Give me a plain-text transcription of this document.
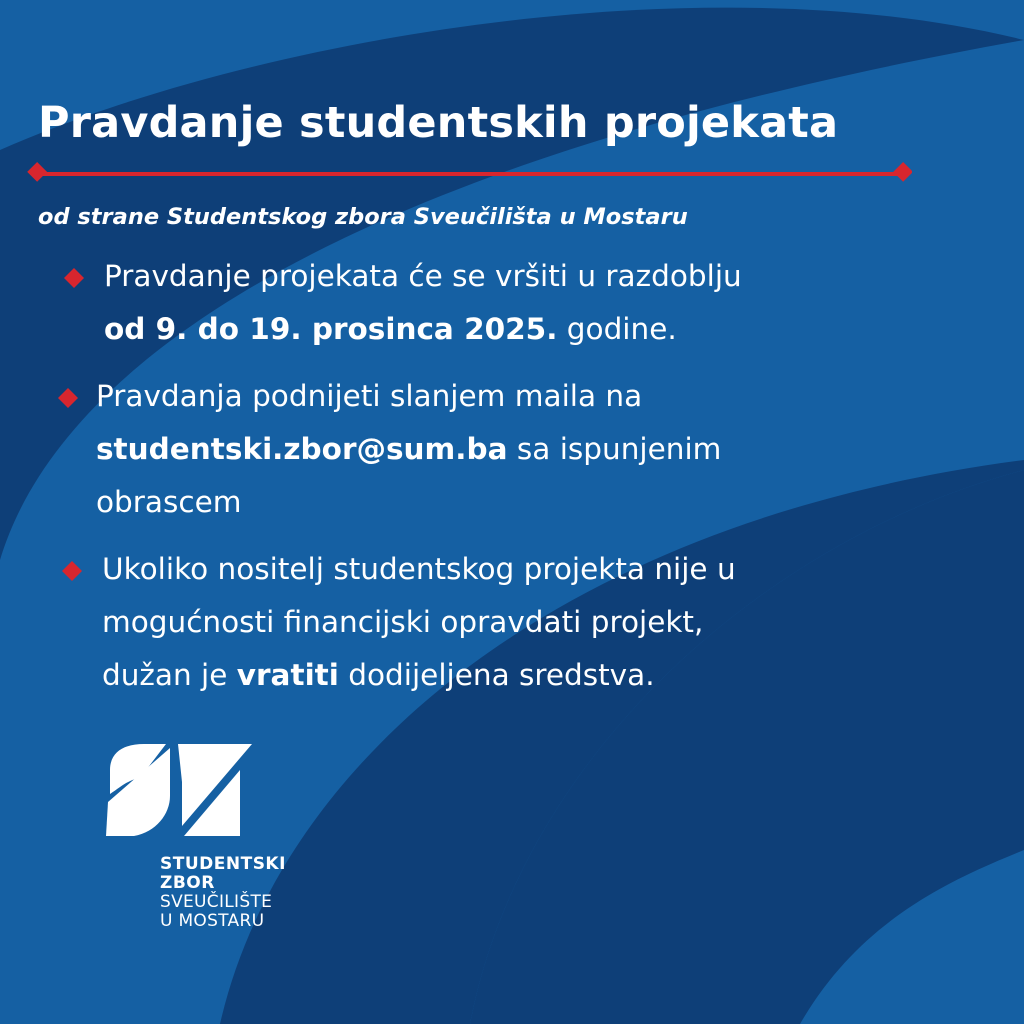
Pravdanje studentskih projekata

od strane Studentskog zbora Sveučilišta u Mostaru

Pravdanje projekata će se vršiti u razdoblju
od 9. do 19. prosinca 2025. godine.

Pravdanja podnijeti slanjem maila na
studentski.zbor@sum.ba sa ispunjenim
obrascem

Ukoliko nositelj studentskog projekta nije u
mogućnosti financijski opravdati projekt,
dužan je vratiti dodijeljena sredstva.

STUDENTSKI
ZBOR
SVEUČILIŠTE
U MOSTARU
